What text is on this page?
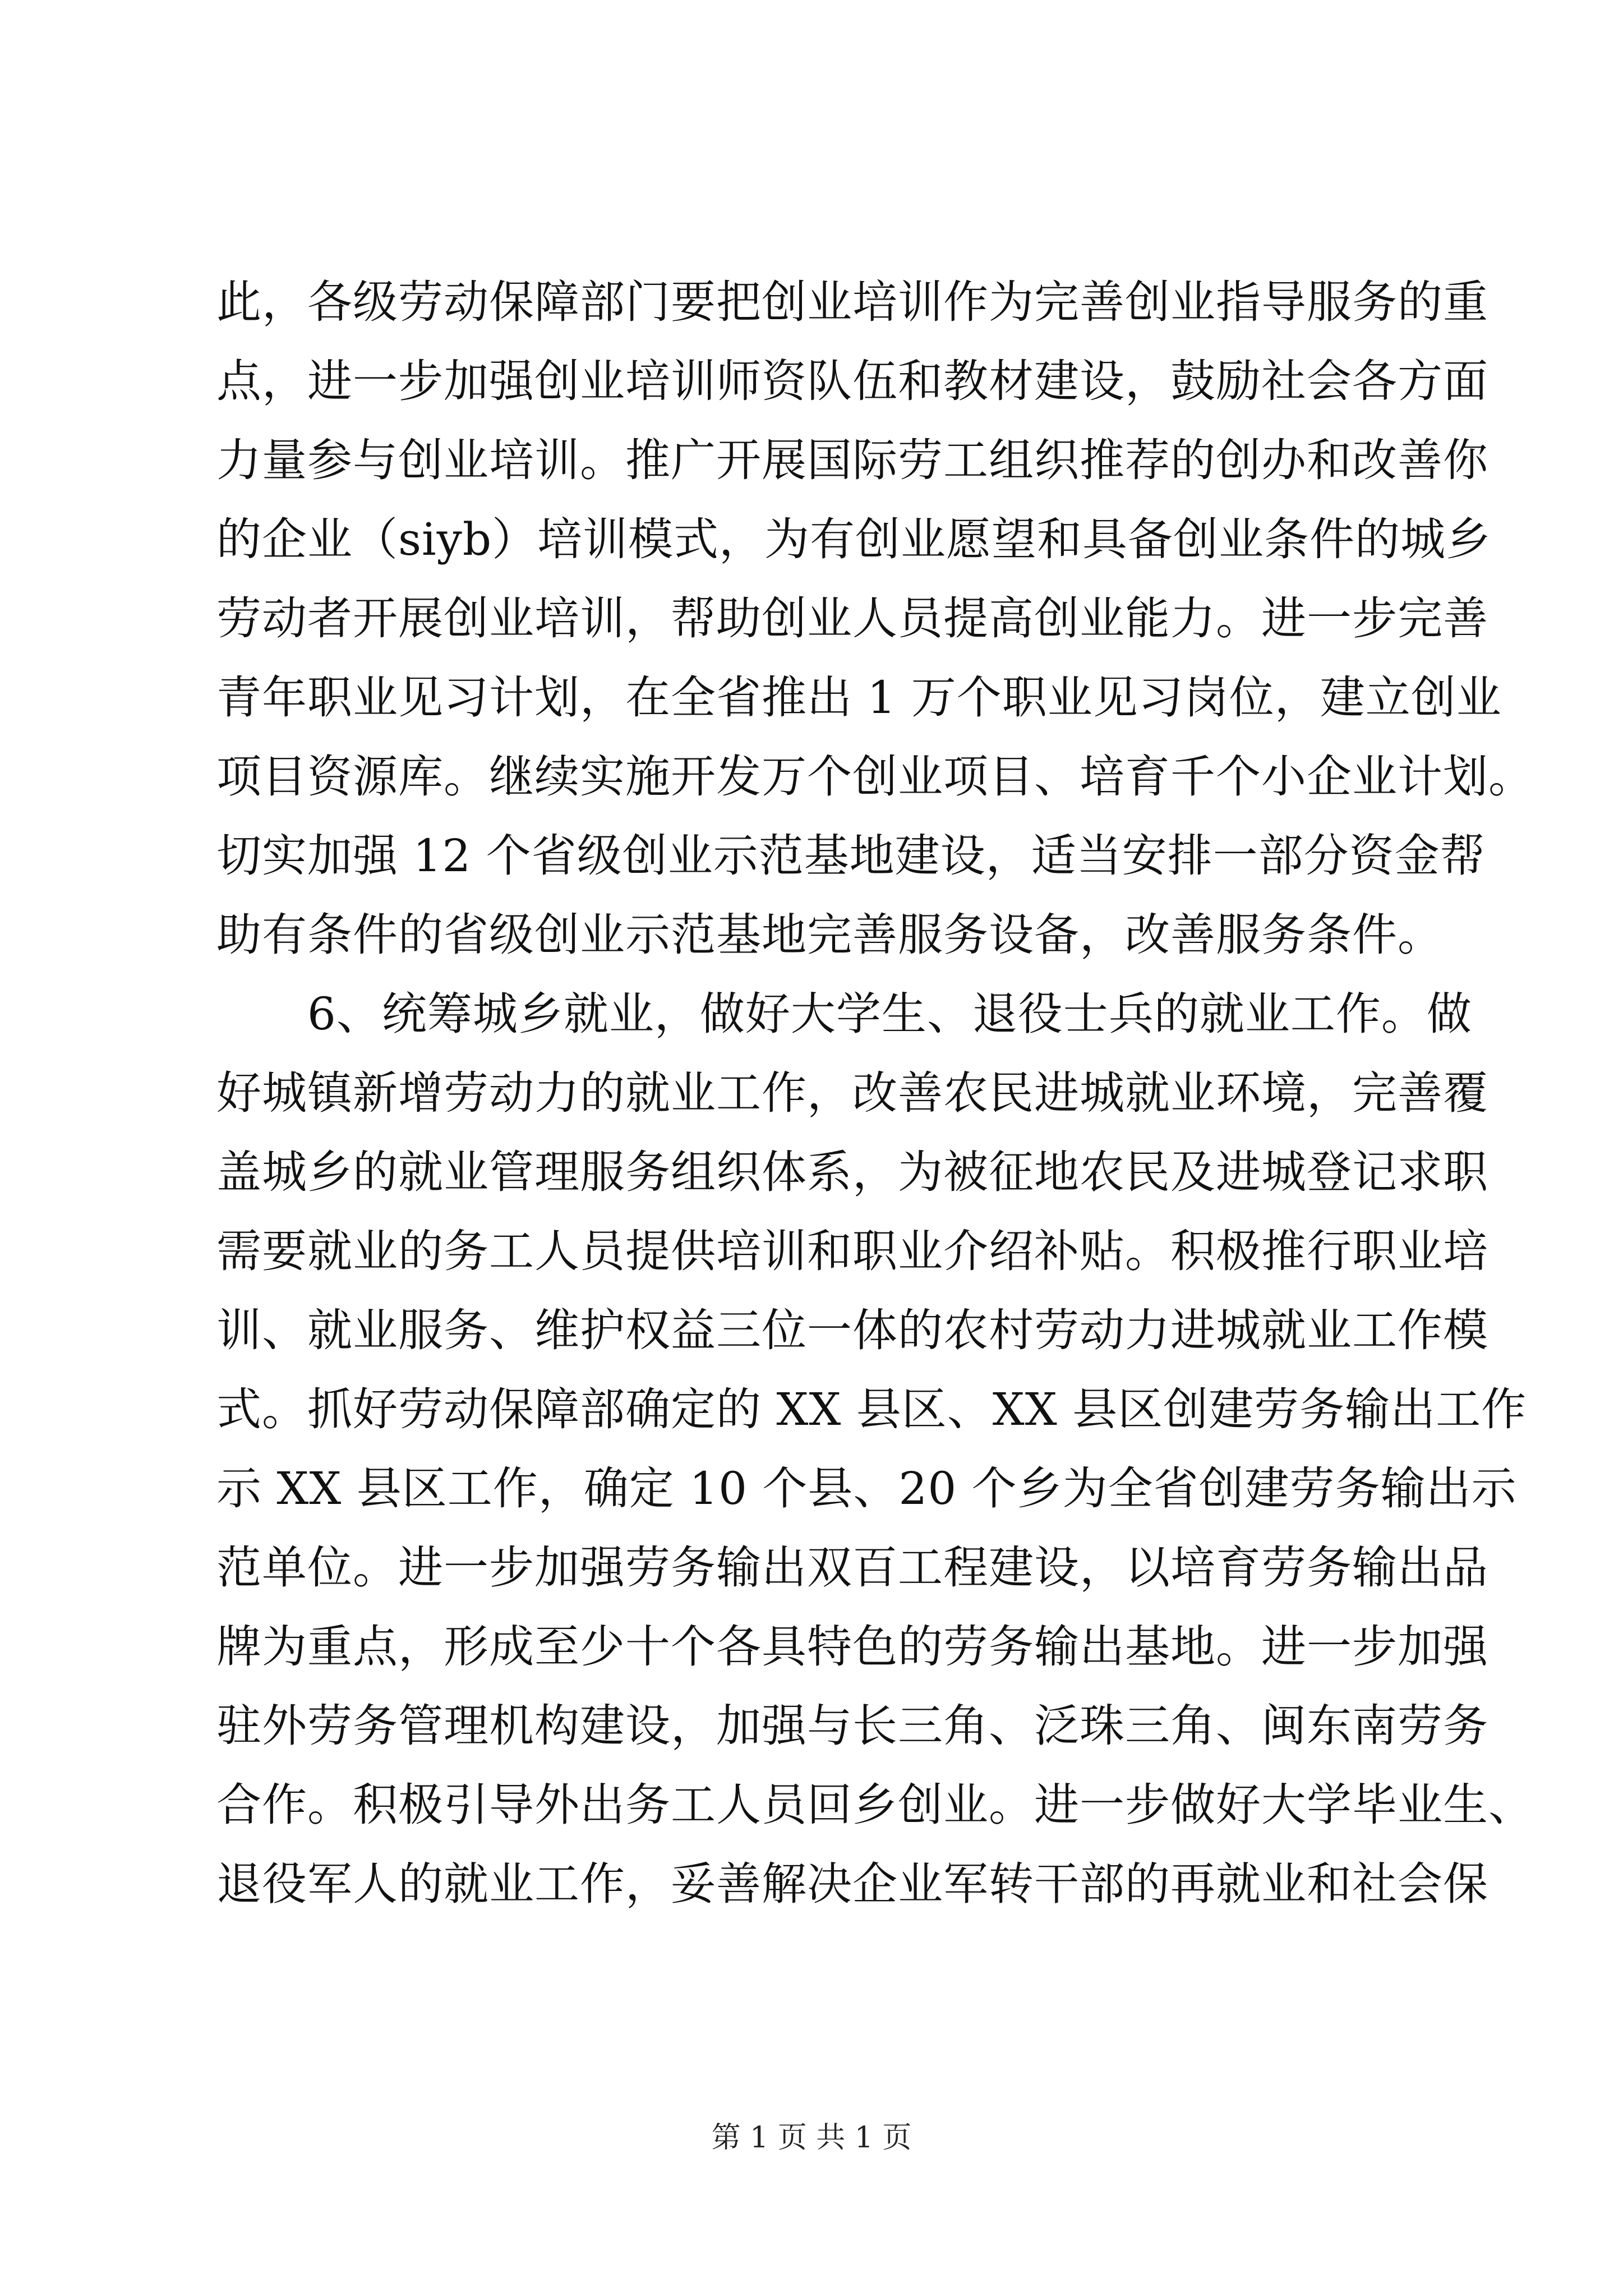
此，各级劳动保障部门要把创业培训作为完善创业指导服务的重
点，进一步加强创业培训师资队伍和教材建设，鼓励社会各方面
力量参与创业培训。推广开展国际劳工组织推荐的创办和改善你
的企业（siyb）培训模式，为有创业愿望和具备创业条件的城乡
劳动者开展创业培训，帮助创业人员提高创业能力。进一步完善
青年职业见习计划，在全省推出 1 万个职业见习岗位，建立创业
项目资源库。继续实施开发万个创业项目、培育千个小企业计划。
切实加强 12 个省级创业示范基地建设，适当安排一部分资金帮
助有条件的省级创业示范基地完善服务设备，改善服务条件。
　　6、统筹城乡就业，做好大学生、退役士兵的就业工作。做
好城镇新增劳动力的就业工作，改善农民进城就业环境，完善覆
盖城乡的就业管理服务组织体系，为被征地农民及进城登记求职
需要就业的务工人员提供培训和职业介绍补贴。积极推行职业培
训、就业服务、维护权益三位一体的农村劳动力进城就业工作模
式。抓好劳动保障部确定的 XX 县区、XX 县区创建劳务输出工作
示 XX 县区工作，确定 10 个县、20 个乡为全省创建劳务输出示
范单位。进一步加强劳务输出双百工程建设，以培育劳务输出品
牌为重点，形成至少十个各具特色的劳务输出基地。进一步加强
驻外劳务管理机构建设，加强与长三角、泛珠三角、闽东南劳务
合作。积极引导外出务工人员回乡创业。进一步做好大学毕业生、
退役军人的就业工作，妥善解决企业军转干部的再就业和社会保
第 1 页 共 1 页
